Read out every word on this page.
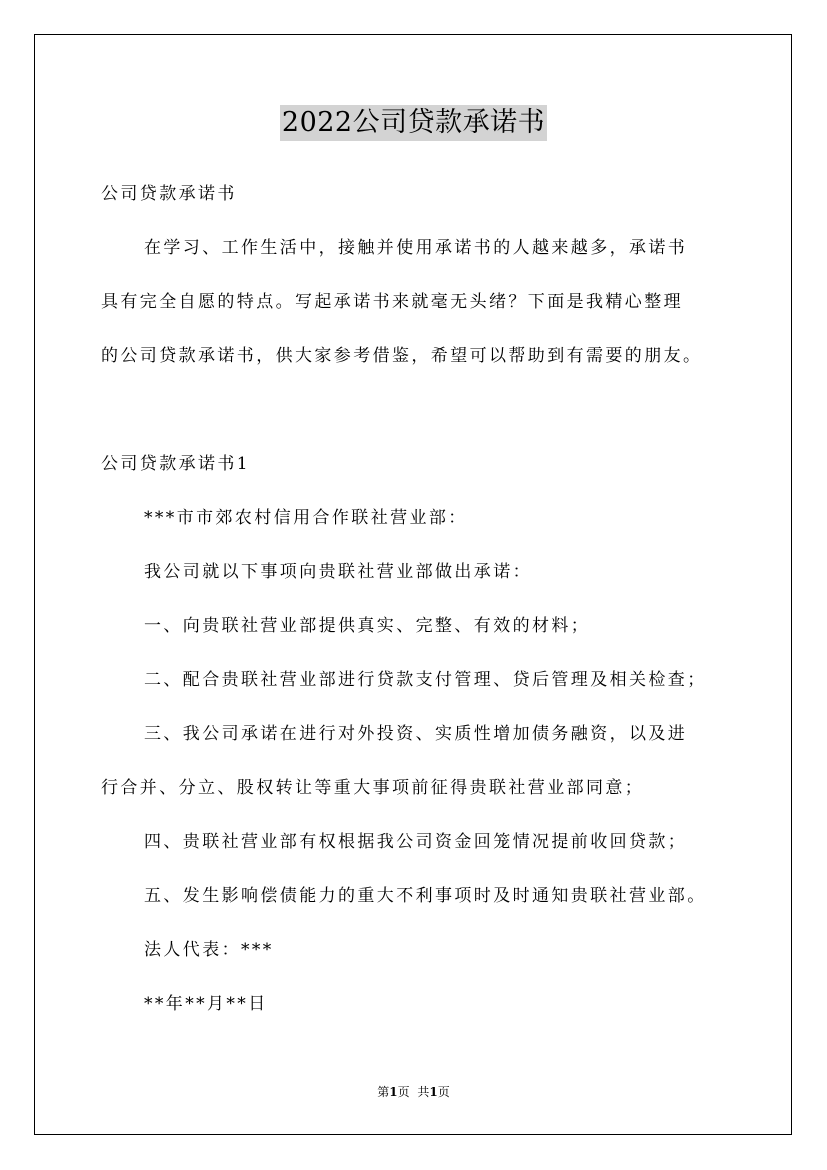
2022公司贷款承诺书
公司贷款承诺书
在学习、工作生活中，接触并使用承诺书的人越来越多，承诺书
具有完全自愿的特点。写起承诺书来就毫无头绪？下面是我精心整理
的公司贷款承诺书，供大家参考借鉴，希望可以帮助到有需要的朋友。
公司贷款承诺书1
***市市郊农村信用合作联社营业部：
我公司就以下事项向贵联社营业部做出承诺：
一、向贵联社营业部提供真实、完整、有效的材料；
二、配合贵联社营业部进行贷款支付管理、贷后管理及相关检查；
三、我公司承诺在进行对外投资、实质性增加债务融资，以及进
行合并、分立、股权转让等重大事项前征得贵联社营业部同意；
四、贵联社营业部有权根据我公司资金回笼情况提前收回贷款；
五、发生影响偿债能力的重大不利事项时及时通知贵联社营业部。
法人代表：***
**年**月**日
第1页 共1页
